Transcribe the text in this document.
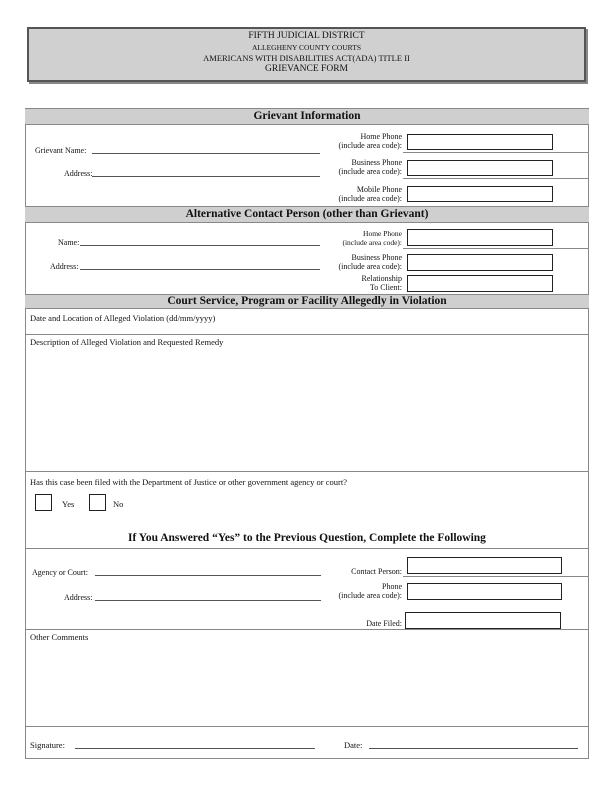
FIFTH JUDICIAL DISTRICT
ALLEGHENY COUNTY COURTS
AMERICANS WITH DISABILITIES ACT(ADA) TITLE II
GRIEVANCE FORM
Grievant Information
Grievant Name:
Address:
Home Phone
(include area code):
Business Phone
(include area code):
Mobile Phone
(include area code):
Alternative Contact Person (other than Grievant)
Name:
Address:
Home Phone
(include area code):
Business Phone
(include area code):
Relationship
To Client:
Court Service, Program or Facility Allegedly in Violation
Date and Location of Alleged Violation (dd/mm/yyyy)
Description of Alleged Violation and Requested Remedy
Has this case been filed with the Department of Justice or other government agency or court?
Yes	No
If You Answered “Yes” to the Previous Question, Complete the Following
Agency or Court:
Address:
Contact Person:
Phone
(include area code):
Date Filed:
Other Comments
Signature:	Date:
